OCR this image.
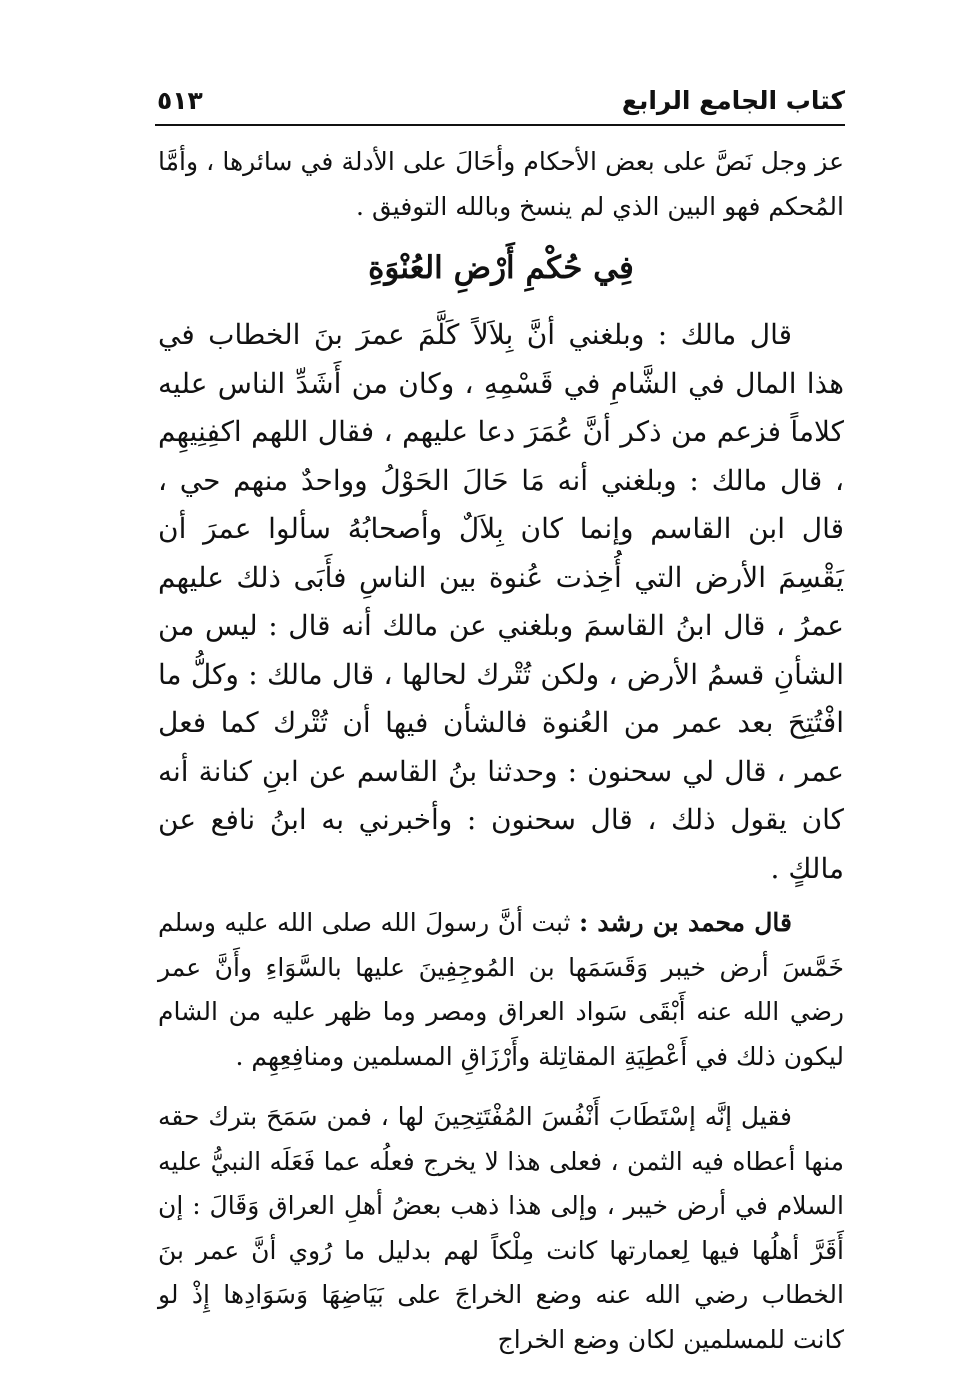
كتاب الجامع الرابع
٥١٣

عز وجل نَصَّ على بعض الأحكام وأحَالَ على الأدلة في سائرها ، وأمَّا المُحكم فهو البين الذي لم ينسخ وبالله التوفيق .

فِي حُكْمِ أَرْضِ العُنْوَةِ

قال مالك : وبلغني أنَّ بِلاَلاً كَلَّمَ عمرَ بنَ الخطاب في هذا المال في الشَّامِ في قَسْمِهِ ، وكان من أَشَدِّ الناس عليه كلاماً فزعم من ذكر أنَّ عُمَرَ دعا عليهم ، فقال اللهم اكفِنِيهِم ، قال مالك : وبلغني أنه مَا حَالَ الحَوْلُ وواحدٌ منهم حي ، قال ابن القاسم وإنما كان بِلاَلٌ وأصحابُهُ سألوا عمرَ أن يَقْسِمَ الأرض التي أُخِذت عُنوة بين الناسِ فأَبَى ذلك عليهم عمرُ ، قال ابنُ القاسمَ وبلغني عن مالك أنه قال : ليس من الشأنِ قسمُ الأرض ، ولكن تُتْرك لحالها ، قال مالك : وكلُّ ما افْتُتِحَ بعد عمر من العُنوة فالشأن فيها أن تُتْرك كما فعل عمر ، قال لي سحنون : وحدثنا بنُ القاسم عن ابنِ كنانة أنه كان يقول ذلك ، قال سحنون : وأخبرني به ابنُ نافع عن مالكٍ .

قال محمد بن رشد : ثبت أنَّ رسولَ الله صلى الله عليه وسلم خَمَّسَ أرض خيبر وَقَسَمَها بن المُوجِفِينَ عليها بالسَّوَاءِ وأَنَّ عمر رضي الله عنه أَبْقَى سَواد العراق ومصر وما ظهر عليه من الشام ليكون ذلك في أَعْطِيَةِ المقاتِلة وأَرْزَاقِ المسلمين ومنافِعِهِم .

فقيل إنَّه إسْتَطَابَ أَنْفُسَ المُفْتَتِحِينَ لها ، فمن سَمَحَ بترك حقه منها أعطاه فيه الثمن ، فعلى هذا لا يخرج فعلُه عما فَعَلَه النبيُّ عليه السلام في أرض خيبر ، وإلى هذا ذهب بعضُ أهلِ العراق وَقَالَ : إن أَقَرَّ أهلُها فيها لِعمارتها كانت مِلْكاً لهم بدليل ما رُوي أنَّ عمر بنَ الخطاب رضي الله عنه وضع الخراجَ على بَيَاضِهَا وَسَوَادِها إِذْ لو كانت للمسلمين لكان وضع الخراج
